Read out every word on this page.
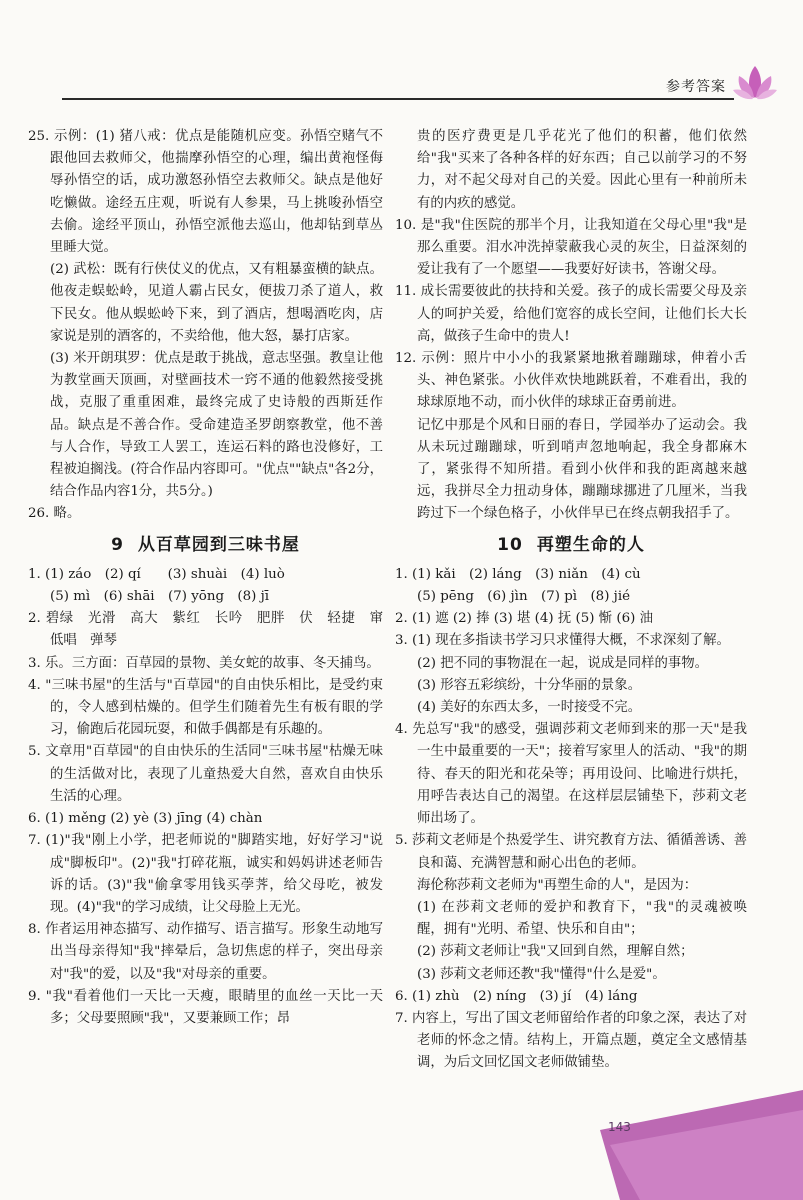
参考答案

25. 示例：(1) 猪八戒：优点是能随机应变。孙悟空赌气不跟他回去救师父，他揣摩孙悟空的心理，编出黄袍怪侮辱孙悟空的话，成功激怒孙悟空去救师父。缺点是他好吃懒做。途经五庄观，听说有人参果，马上挑唆孙悟空去偷。途经平顶山，孙悟空派他去巡山，他却钻到草丛里睡大觉。

(2) 武松：既有行侠仗义的优点，又有粗暴蛮横的缺点。他夜走蜈蚣岭，见道人霸占民女，便拔刀杀了道人，救下民女。他从蜈蚣岭下来，到了酒店，想喝酒吃肉，店家说是别的酒客的，不卖给他，他大怒，暴打店家。

(3) 米开朗琪罗：优点是敢于挑战，意志坚强。教皇让他为教堂画天顶画，对壁画技术一窍不通的他毅然接受挑战，克服了重重困难，最终完成了史诗般的西斯廷作品。缺点是不善合作。受命建造圣罗朗察教堂，他不善与人合作，导致工人罢工，连运石料的路也没修好，工程被迫搁浅。(符合作品内容即可。"优点""缺点"各2分，结合作品内容1分，共5分。)

26. 略。

9 从百草园到三味书屋

1. (1) záo　(2) qí　　(3) shuài　(4) luò

(5) mì　(6) shāi　(7) yōng　(8) jī

2. 碧绿　光滑　高大　紫红　长吟　肥胖　伏　轻捷　窜　低唱　弹琴

3. 乐。三方面：百草园的景物、美女蛇的故事、冬天捕鸟。

4. "三味书屋"的生活与"百草园"的自由快乐相比，是受约束的，令人感到枯燥的。但学生们随着先生有板有眼的学习，偷跑后花园玩耍，和做手偶都是有乐趣的。

5. 文章用"百草园"的自由快乐的生活同"三味书屋"枯燥无味的生活做对比，表现了儿童热爱大自然，喜欢自由快乐生活的心理。

6. (1) měng (2) yè (3) jīng (4) chàn

7. (1)"我"刚上小学，把老师说的"脚踏实地，好好学习"说成"脚板印"。(2)"我"打碎花瓶，诚实和妈妈讲述老师告诉的话。(3)"我"偷拿零用钱买荸荠，给父母吃，被发现。(4)"我"的学习成绩，让父母脸上无光。

8. 作者运用神态描写、动作描写、语言描写。形象生动地写出当母亲得知"我"摔晕后，急切焦虑的样子，突出母亲对"我"的爱，以及"我"对母亲的重要。

9. "我"看着他们一天比一天瘦，眼睛里的血丝一天比一天多；父母要照顾"我"，又要兼顾工作；昂

贵的医疗费更是几乎花光了他们的积蓄，他们依然给"我"买来了各种各样的好东西；自己以前学习的不努力，对不起父母对自己的关爱。因此心里有一种前所未有的内疚的感觉。

10. 是"我"住医院的那半个月，让我知道在父母心里"我"是那么重要。泪水冲洗掉蒙蔽我心灵的灰尘，日益深刻的爱让我有了一个愿望——我要好好读书，答谢父母。

11. 成长需要彼此的扶持和关爱。孩子的成长需要父母及亲人的呵护关爱，给他们宽容的成长空间，让他们长大长高，做孩子生命中的贵人!

12. 示例：照片中小小的我紧紧地揪着蹦蹦球，伸着小舌头、神色紧张。小伙伴欢快地跳跃着，不难看出，我的球球原地不动，而小伙伴的球球正奋勇前进。

记忆中那是个风和日丽的春日，学园举办了运动会。我从未玩过蹦蹦球，听到哨声忽地响起，我全身都麻木了，紧张得不知所措。看到小伙伴和我的距离越来越远，我拼尽全力扭动身体，蹦蹦球挪进了几厘米，当我跨过下一个绿色格子，小伙伴早已在终点朝我招手了。

10 再塑生命的人

1. (1) kǎi　(2) láng　(3) niǎn　(4) cù

(5) pēng　(6) jìn　(7) pì　(8) jié

2. (1) 遮 (2) 捧 (3) 堪 (4) 抚 (5) 惭 (6) 油

3. (1) 现在多指读书学习只求懂得大概，不求深刻了解。

(2) 把不同的事物混在一起，说成是同样的事物。

(3) 形容五彩缤纷，十分华丽的景象。

(4) 美好的东西太多，一时接受不完。

4. 先总写"我"的感受，强调莎莉文老师到来的那一天"是我一生中最重要的一天"；接着写家里人的活动、"我"的期待、春天的阳光和花朵等；再用设问、比喻进行烘托，用呼告表达自己的渴望。在这样层层铺垫下，莎莉文老师出场了。

5. 莎莉文老师是个热爱学生、讲究教育方法、循循善诱、善良和蔼、充满智慧和耐心出色的老师。

海伦称莎莉文老师为"再塑生命的人"，是因为：

(1) 在莎莉文老师的爱护和教育下，"我"的灵魂被唤醒，拥有"光明、希望、快乐和自由"；

(2) 莎莉文老师让"我"又回到自然，理解自然；

(3) 莎莉文老师还教"我"懂得"什么是爱"。

6. (1) zhù　(2) níng　(3) jí　(4) láng

7. 内容上，写出了国文老师留给作者的印象之深，表达了对老师的怀念之情。结构上，开篇点题，奠定全文感情基调，为后文回忆国文老师做铺垫。

143
